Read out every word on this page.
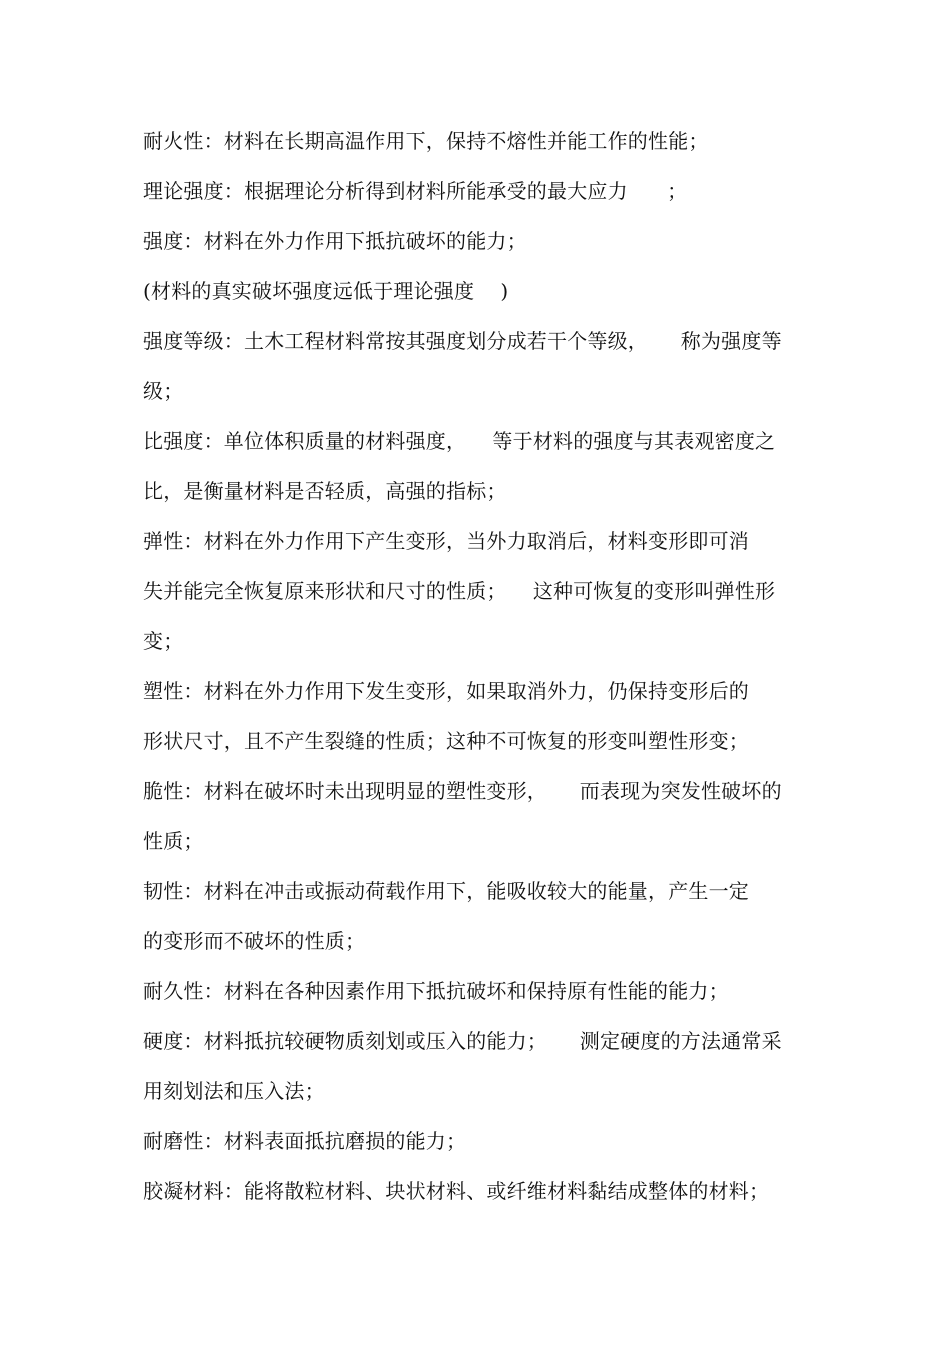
耐火性：材料在长期高温作用下，保持不熔性并能工作的性能；
理论强度：根据理论分析得到材料所能承受的最大应力      ；
强度：材料在外力作用下抵抗破坏的能力；
(材料的真实破坏强度远低于理论强度    )
强度等级：土木工程材料常按其强度划分成若干个等级，     称为强度等
级；
比强度：单位体积质量的材料强度，    等于材料的强度与其表观密度之
比，是衡量材料是否轻质，高强的指标；
弹性：材料在外力作用下产生变形，当外力取消后，材料变形即可消
失并能完全恢复原来形状和尺寸的性质；    这种可恢复的变形叫弹性形
变；
塑性：材料在外力作用下发生变形，如果取消外力，仍保持变形后的
形状尺寸，且不产生裂缝的性质；这种不可恢复的形变叫塑性形变；
脆性：材料在破坏时未出现明显的塑性变形，     而表现为突发性破坏的
性质；
韧性：材料在冲击或振动荷载作用下，能吸收较大的能量，产生一定
的变形而不破坏的性质；
耐久性：材料在各种因素作用下抵抗破坏和保持原有性能的能力；
硬度：材料抵抗较硬物质刻划或压入的能力；     测定硬度的方法通常采
用刻划法和压入法；
耐磨性：材料表面抵抗磨损的能力；
胶凝材料：能将散粒材料、块状材料、或纤维材料黏结成整体的材料；
